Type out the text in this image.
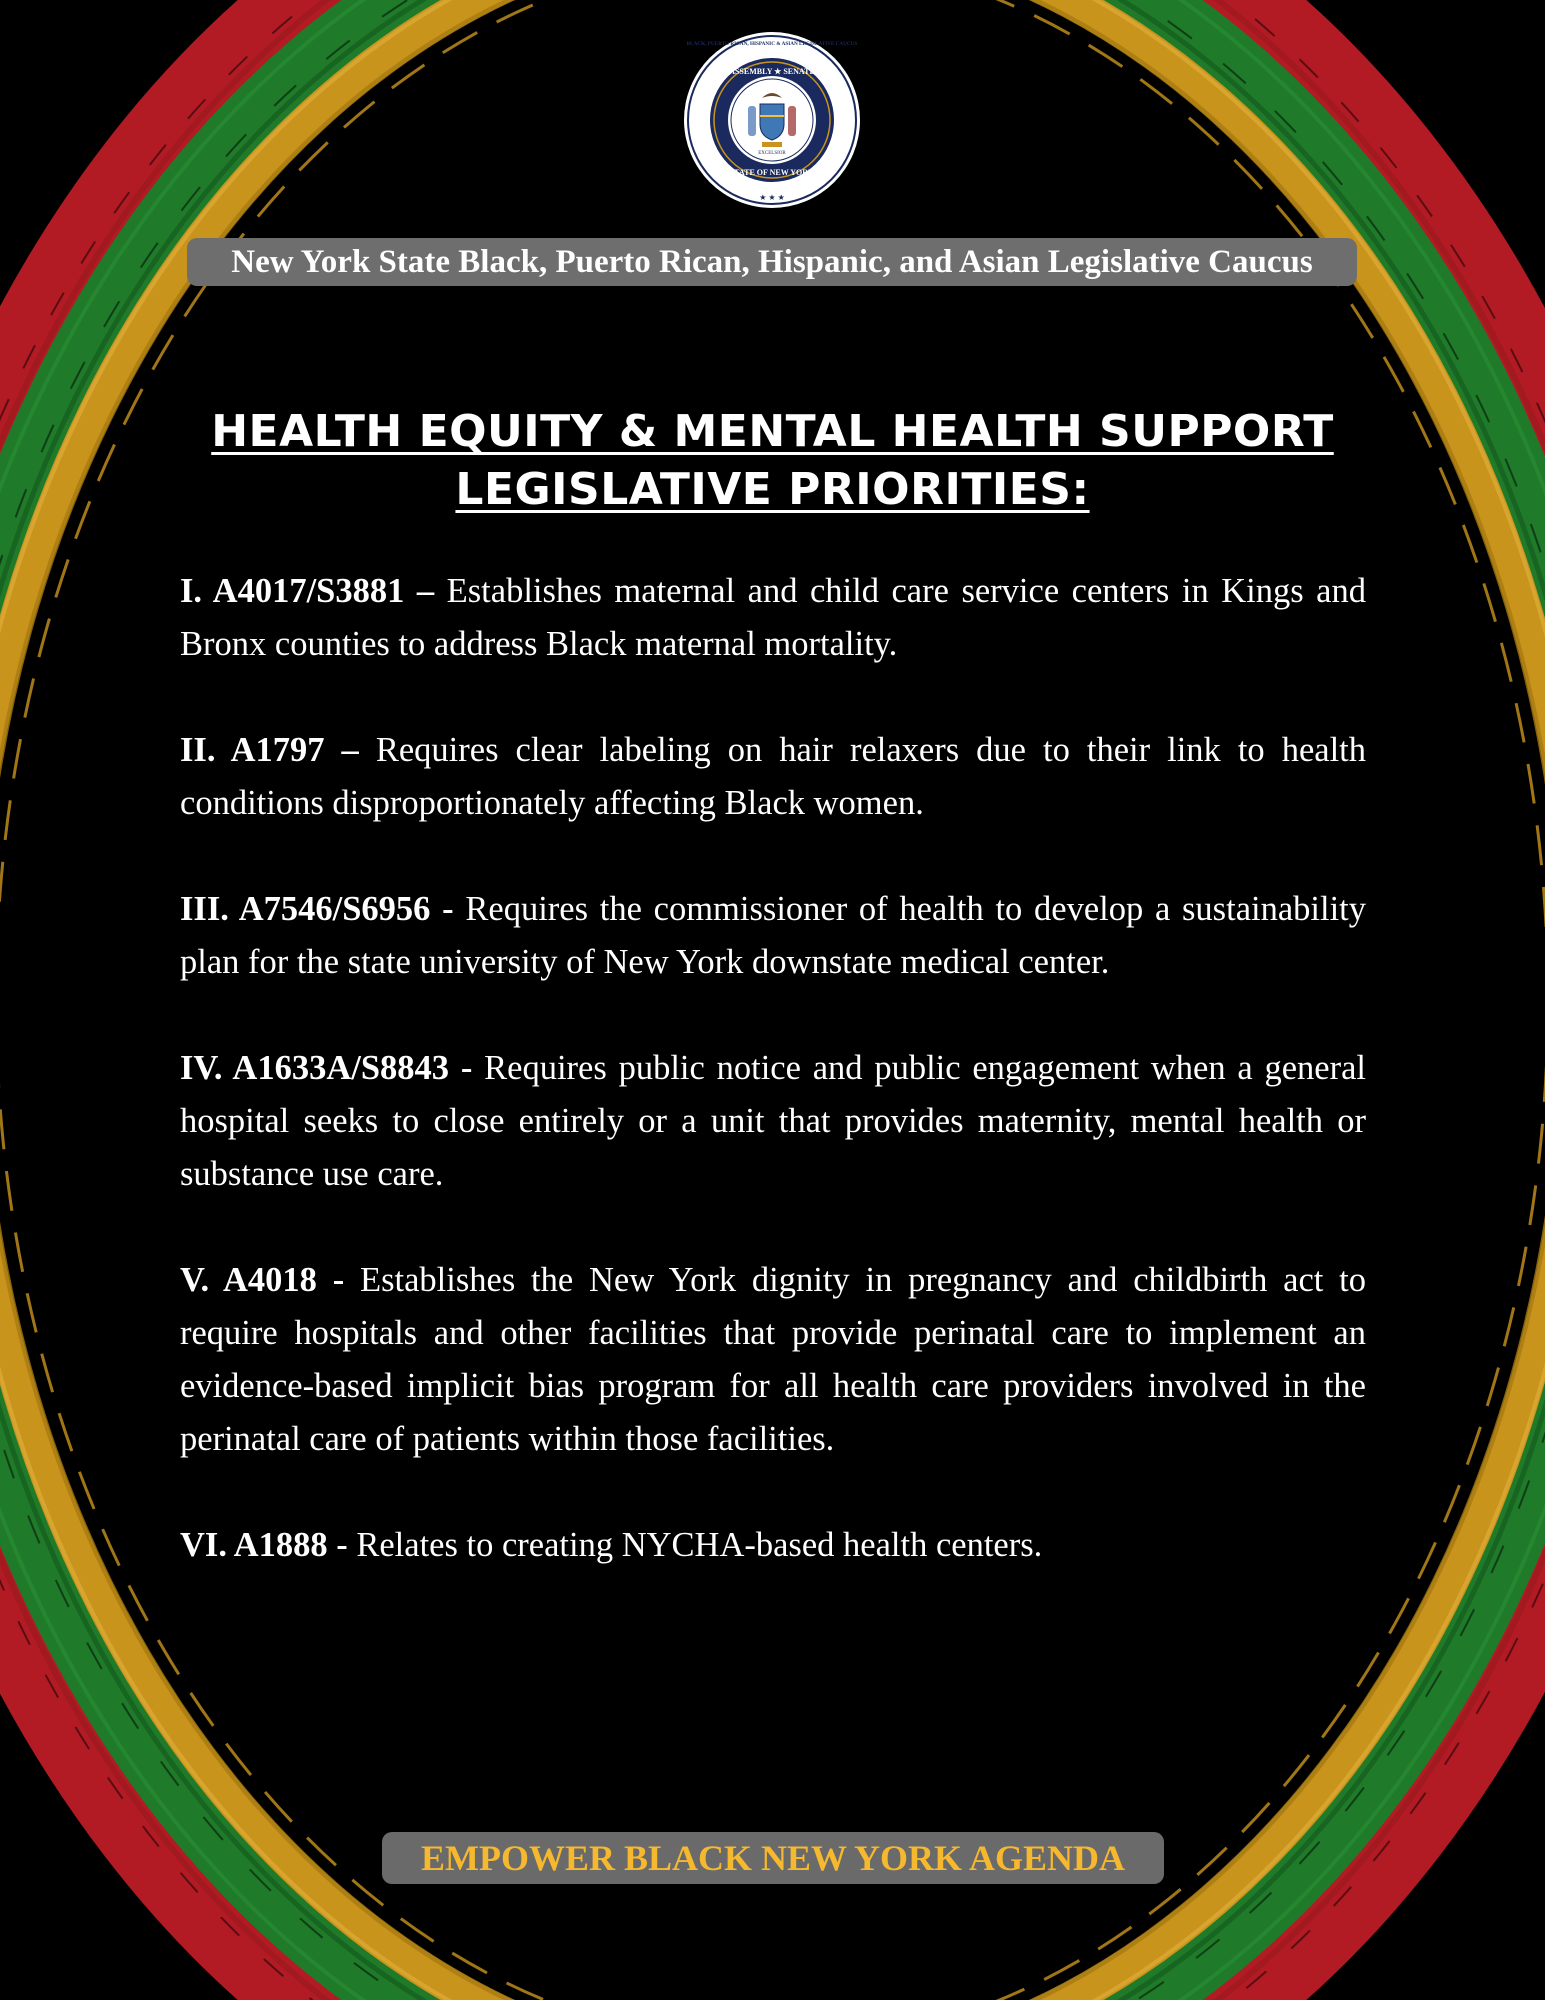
ASSEMBLY ★ SENATE
STATE OF NEW YORK
EXCELSIOR
BLACK, PUERTO RICAN, HISPANIC & ASIAN LEGISLATIVE CAUCUS
★ ★ ★
New York State Black, Puerto Rican, Hispanic, and Asian Legislative Caucus
HEALTH EQUITY & MENTAL HEALTH SUPPORT
LEGISLATIVE PRIORITIES:

I. A4017/S3881 – Establishes maternal and child care service centers in Kings and Bronx counties to address Black maternal mortality.

II. A1797 – Requires clear labeling on hair relaxers due to their link to health conditions disproportionately affecting Black women.

III. A7546/S6956 - Requires the commissioner of health to develop a sustainability plan for the state university of New York downstate medical center.

IV. A1633A/S8843 - Requires public notice and public engagement when a general hospital seeks to close entirely or a unit that provides maternity, mental health or substance use care.

V. A4018 - Establishes the New York dignity in pregnancy and childbirth act to require hospitals and other facilities that provide perinatal care to implement an evidence-based implicit bias program for all health care providers involved in the perinatal care of patients within those facilities.

VI. A1888 - Relates to creating NYCHA-based health centers.

EMPOWER BLACK NEW YORK AGENDA
